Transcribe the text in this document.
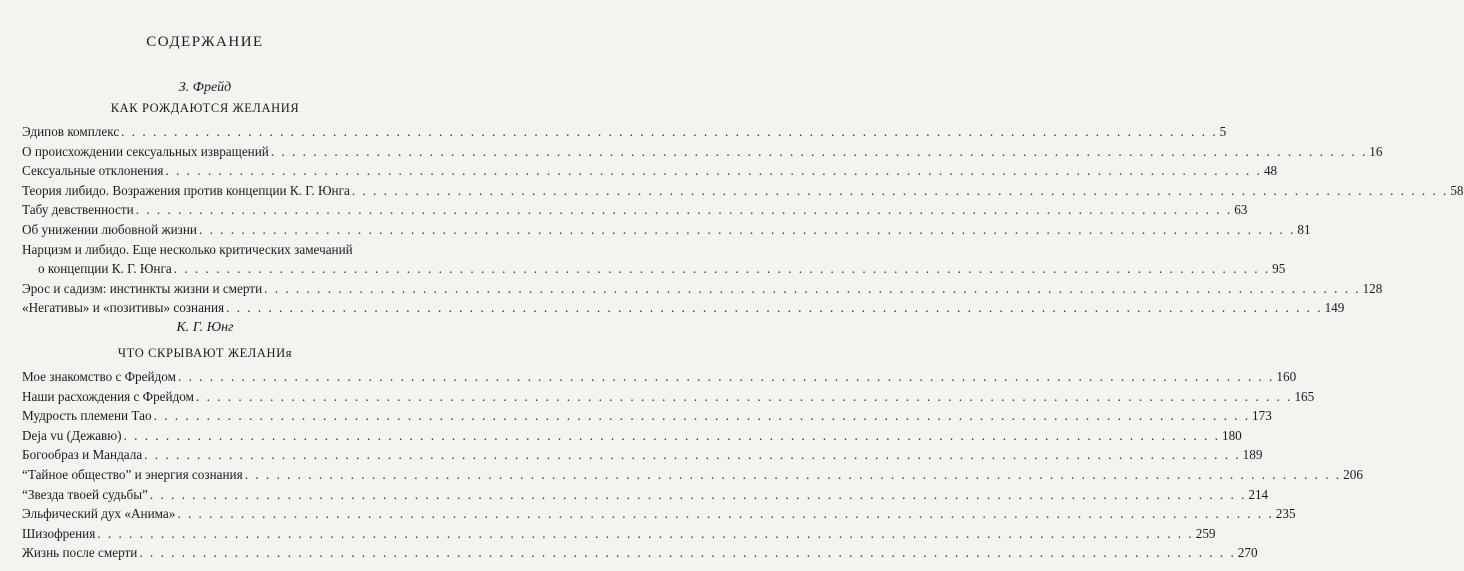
СОДЕРЖАНИЕ
З. Фрейд
КАК РОЖДАЮТСЯ ЖЕЛАНИЯ
Эдипов комплекс . . .	5
О происхождении сексуальных извращений . . .	16
Сексуальные отклонения . . .	48
Теория либидо. Возражения против концепции К. Г. Юнга . . .	58
Табу девственности . . .	63
Об унижении любовной жизни . . .	81
Нарцизм и либидо. Еще несколько критических замечаний
о концепции К. Г. Юнга . . .	95
Эрос и садизм: инстинкты жизни и смерти . . .	128
«Негативы» и «позитивы» сознания . . .	149
К. Г. Юнг
ЧТО СКРЫВАЮТ ЖЕЛАНИя
Мое знакомство с Фрейдом . . .	160
Наши расхождения с Фрейдом . . .	165
Мудрость племени Тао . . .	173
Deja vu (Дежавю) . . .	180
Богообраз и Мандала . . .	189
“Тайное общество” и энергия сознания . . .	206
“Звезда твоей судьбы” . . .	214
Эльфический дух «Анима» . . .	235
Шизофрения . . .	259
Жизнь после смерти . . .	270
